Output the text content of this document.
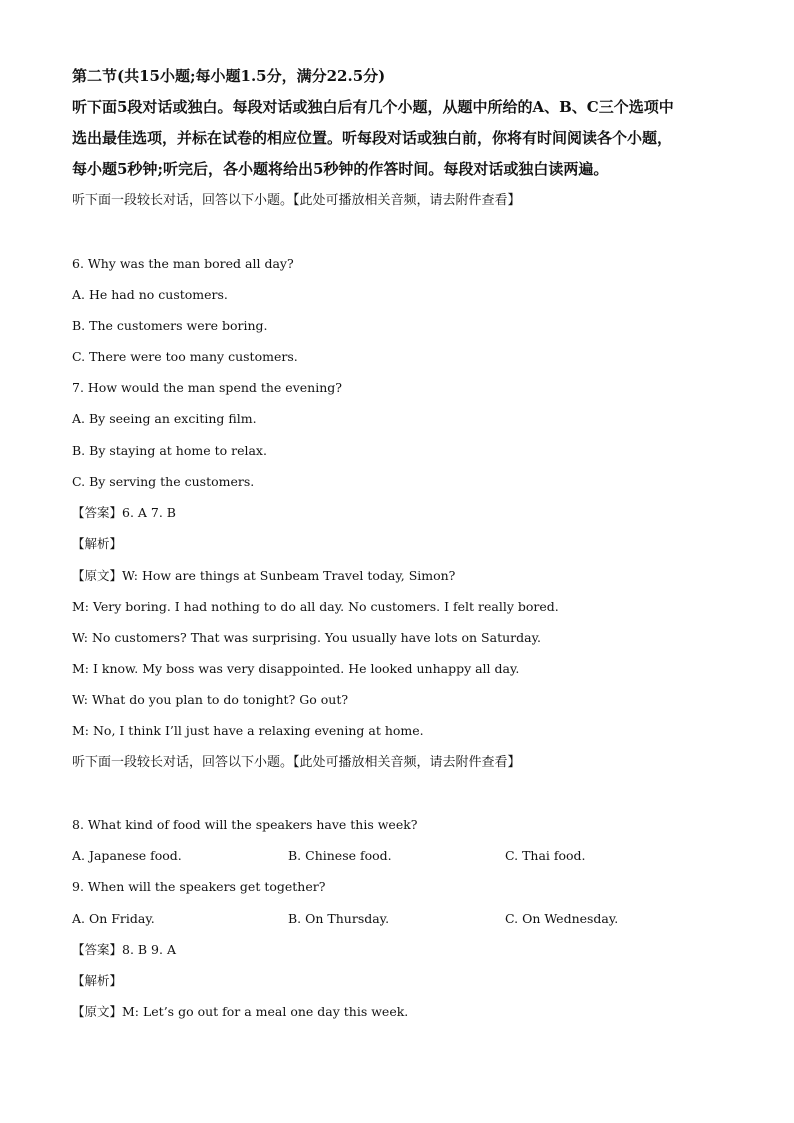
第二节(共15小题;每小题1.5分，满分22.5分)
听下面5段对话或独白。每段对话或独白后有几个小题，从题中所给的A、B、C三个选项中
选出最佳选项，并标在试卷的相应位置。听每段对话或独白前，你将有时间阅读各个小题，
每小题5秒钟;听完后，各小题将给出5秒钟的作答时间。每段对话或独白读两遍。
听下面一段较长对话，回答以下小题。【此处可播放相关音频，请去附件查看】
6. Why was the man bored all day?
A. He had no customers.
B. The customers were boring.
C. There were too many customers.
7. How would the man spend the evening?
A. By seeing an exciting film.
B. By staying at home to relax.
C. By serving the customers.
【答案】6. A 7. B
【解析】
【原文】W: How are things at Sunbeam Travel today, Simon?
M: Very boring. I had nothing to do all day. No customers. I felt really bored.
W: No customers? That was surprising. You usually have lots on Saturday.
M: I know. My boss was very disappointed. He looked unhappy all day.
W: What do you plan to do tonight? Go out?
M: No, I think I’ll just have a relaxing evening at home.
听下面一段较长对话，回答以下小题。【此处可播放相关音频，请去附件查看】
8. What kind of food will the speakers have this week?
A. Japanese food.	B. Chinese food.	C. Thai food.
9. When will the speakers get together?
A. On Friday.	B. On Thursday.	C. On Wednesday.
【答案】8. B 9. A
【解析】
【原文】M: Let’s go out for a meal one day this week.
